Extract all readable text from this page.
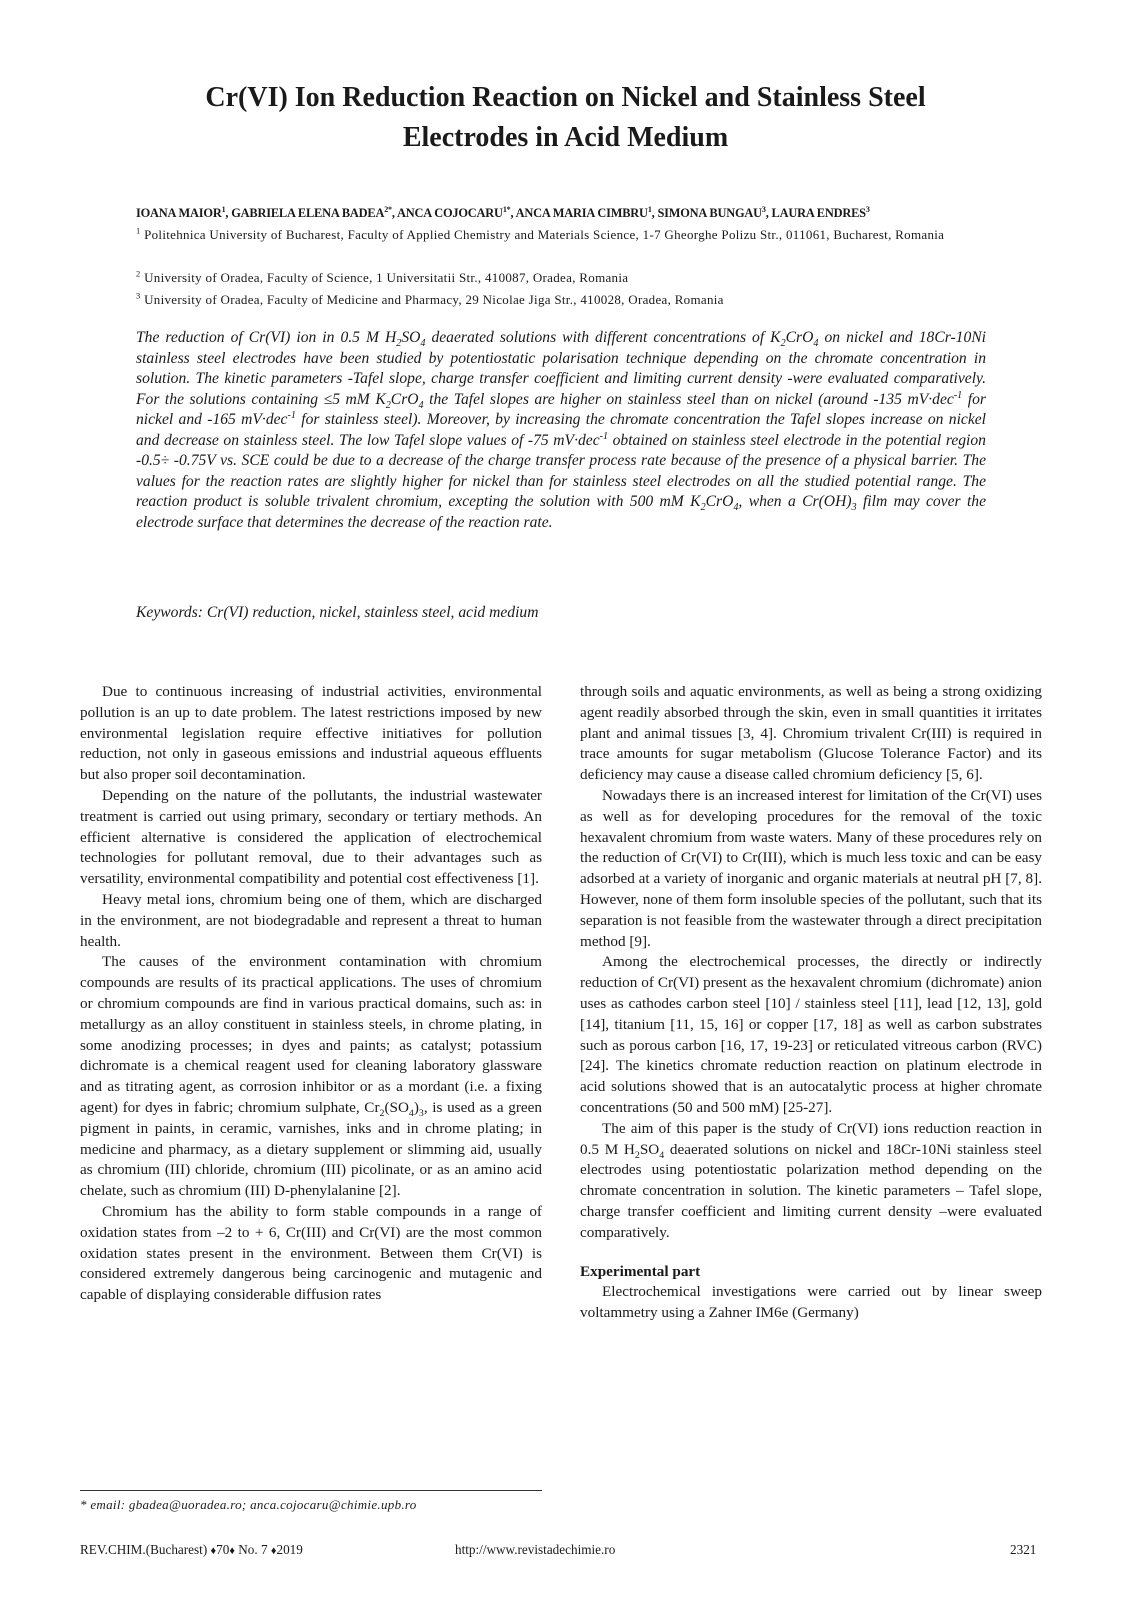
Cr(VI) Ion Reduction Reaction on Nickel and Stainless Steel
Electrodes in Acid Medium
IOANA MAIOR$^1$, GABRIELA ELENA $BADEA^{2*}$, ANCA $COJOCARU^{1*}$, ANCA MARIA CIMBRU$^1$, SIMONA BUNGAU$^3$, LAURA ENDRES$^3$
$^1$ Politehnica University of Bucharest, Faculty of Applied Chemistry and Materials Science, 1-7 Gheorghe Polizu Str., 011061, Bucharest, Romania
$^2$ University of Oradea, Faculty of Science, 1 Universitatii Str., 410087, Oradea, Romania
$^3$ University of Oradea, Faculty of Medicine and Pharmacy, 29 Nicolae Jiga Str., 410028, Oradea, Romania

The reduction of Cr(VI) ion in 0.5 M $H_2SO_4$ deaerated solutions with different concentrations of $K_2CrO_4$ on nickel and 18Cr-10Ni stainless steel electrodes have been studied by potentiostatic polarisation technique depending on the chromate concentration in solution. The kinetic parameters -Tafel slope, charge transfer coefficient and limiting current density -were evaluated comparatively. For the solutions containing ≤5 mM $K_2CrO_4$ the Tafel slopes are higher on stainless steel than on nickel (around -135 mV·dec$^{-1}$ for nickel and -165 mV·dec$^{-1}$ for stainless steel). Moreover, by increasing the chromate concentration the Tafel slopes increase on nickel and decrease on stainless steel. The low Tafel slope values of -75 mV·dec$^{-1}$ obtained on stainless steel electrode in the potential region -0.5÷ -0.75V vs. SCE could be due to a decrease of the charge transfer process rate because of the presence of a physical barrier. The values for the reaction rates are slightly higher for nickel than for stainless steel electrodes on all the studied potential range. The reaction product is soluble trivalent chromium, excepting the solution with 500 mM $K_2CrO_4$, when a $Cr(OH)_3$ film may cover the electrode surface that determines the decrease of the reaction rate.

Keywords: Cr(VI) reduction, nickel, stainless steel, acid medium

Due to continuous increasing of industrial activities, environmental pollution is an up to date problem. The latest restrictions imposed by new environmental legislation require effective initiatives for pollution reduction, not only in gaseous emissions and industrial aqueous effluents but also proper soil decontamination.

Depending on the nature of the pollutants, the industrial wastewater treatment is carried out using primary, secondary or tertiary methods. An efficient alternative is considered the application of electrochemical technologies for pollutant removal, due to their advantages such as versatility, environmental compatibility and potential cost effectiveness [1].

Heavy metal ions, chromium being one of them, which are discharged in the environment, are not biodegradable and represent a threat to human health.

The causes of the environment contamination with chromium compounds are results of its practical applications. The uses of chromium or chromium compounds are find in various practical domains, such as: in metallurgy as an alloy constituent in stainless steels, in chrome plating, in some anodizing processes; in dyes and paints; as catalyst; potassium dichromate is a chemical reagent used for cleaning laboratory glassware and as titrating agent, as corrosion inhibitor or as a mordant (i.e. a fixing agent) for dyes in fabric; chromium sulphate, $Cr_2(SO_4)_3$, is used as a green pigment in paints, in ceramic, varnishes, inks and in chrome plating; in medicine and pharmacy, as a dietary supplement or slimming aid, usually as chromium (III) chloride, chromium (III) picolinate, or as an amino acid chelate, such as chromium (III) D-phenylalanine [2].

Chromium has the ability to form stable compounds in a range of oxidation states from –2 to + 6, Cr(III) and Cr(VI) are the most common oxidation states present in the environment. Between them Cr(VI) is considered extremely dangerous being carcinogenic and mutagenic and capable of displaying considerable diffusion rates

through soils and aquatic environments, as well as being a strong oxidizing agent readily absorbed through the skin, even in small quantities it irritates plant and animal tissues [3, 4]. Chromium trivalent Cr(III) is required in trace amounts for sugar metabolism (Glucose Tolerance Factor) and its deficiency may cause a disease called chromium deficiency [5, 6].

Nowadays there is an increased interest for limitation of the Cr(VI) uses as well as for developing procedures for the removal of the toxic hexavalent chromium from waste waters. Many of these procedures rely on the reduction of Cr(VI) to Cr(III), which is much less toxic and can be easy adsorbed at a variety of inorganic and organic materials at neutral pH [7, 8]. However, none of them form insoluble species of the pollutant, such that its separation is not feasible from the wastewater through a direct precipitation method [9].

Among the electrochemical processes, the directly or indirectly reduction of Cr(VI) present as the hexavalent chromium (dichromate) anion uses as cathodes carbon steel [10] / stainless steel [11], lead [12, 13], gold [14], titanium [11, 15, 16] or copper [17, 18] as well as carbon substrates such as porous carbon [16, 17, 19-23] or reticulated vitreous carbon (RVC) [24]. The kinetics chromate reduction reaction on platinum electrode in acid solutions showed that is an autocatalytic process at higher chromate concentrations (50 and 500 mM) [25-27].

The aim of this paper is the study of Cr(VI) ions reduction reaction in 0.5 M $H_2SO_4$ deaerated solutions on nickel and 18Cr-10Ni stainless steel electrodes using potentiostatic polarization method depending on the chromate concentration in solution. The kinetic parameters – Tafel slope, charge transfer coefficient and limiting current density –were evaluated comparatively.

Experimental part

Electrochemical investigations were carried out by linear sweep voltammetry using a Zahner IM6e (Germany)

* email: gbadea@uoradea.ro; anca.cojocaru@chimie.upb.ro
REV.CHIM.(Bucharest) ♦70♦ No. 7 ♦2019	http://www.revistadechimie.ro	2321
